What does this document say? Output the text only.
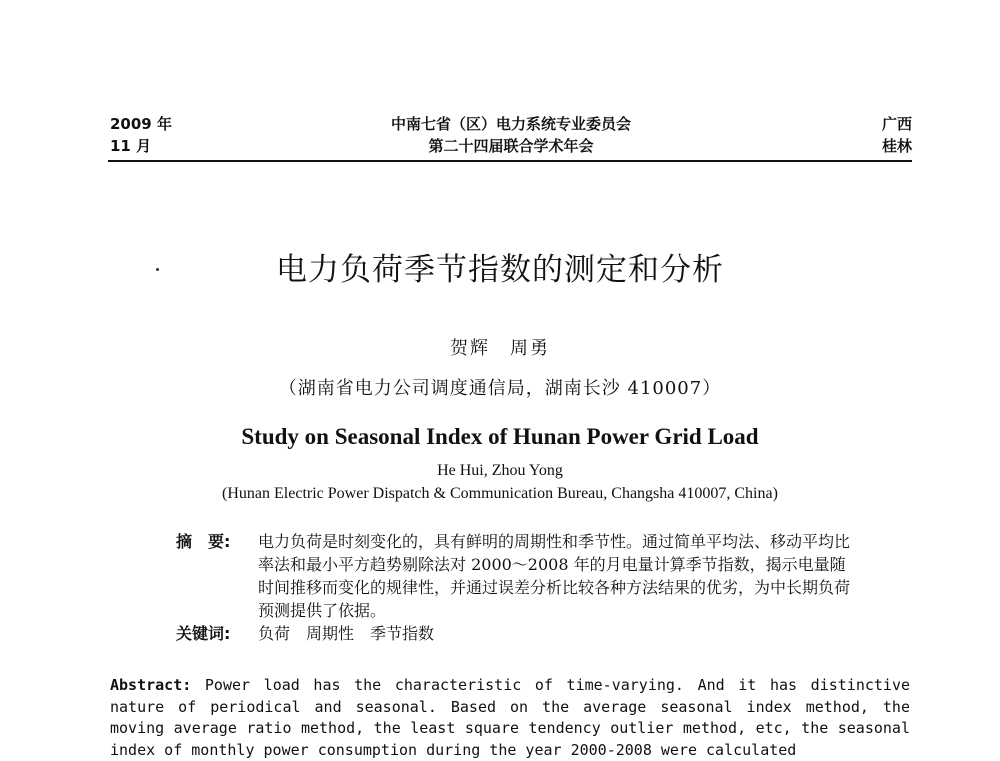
2009 年	中南七省（区）电力系统专业委员会	广西
11 月	第二十四届联合学术年会	桂林
电力负荷季节指数的测定和分析
贺辉　周勇
（湖南省电力公司调度通信局，湖南长沙 410007）
Study on Seasonal Index of Hunan Power Grid Load
He Hui, Zhou Yong
(Hunan Electric Power Dispatch & Communication Bureau, Changsha 410007, China)
摘　要: 电力负荷是时刻变化的，具有鲜明的周期性和季节性。通过简单平均法、移动平均比率法和最小平方趋势剔除法对 2000～2008 年的月电量计算季节指数，揭示电量随时间推移而变化的规律性，并通过误差分析比较各种方法结果的优劣，为中长期负荷预测提供了依据。
关键词: 负荷　周期性　季节指数
Abstract: Power load has the characteristic of time-varying. And it has distinctive nature of periodical and seasonal. Based on the average seasonal index method, the moving average ratio method, the least square tendency outlier method, etc, the seasonal index of monthly power consumption during the year 2000-2008 were calculated
